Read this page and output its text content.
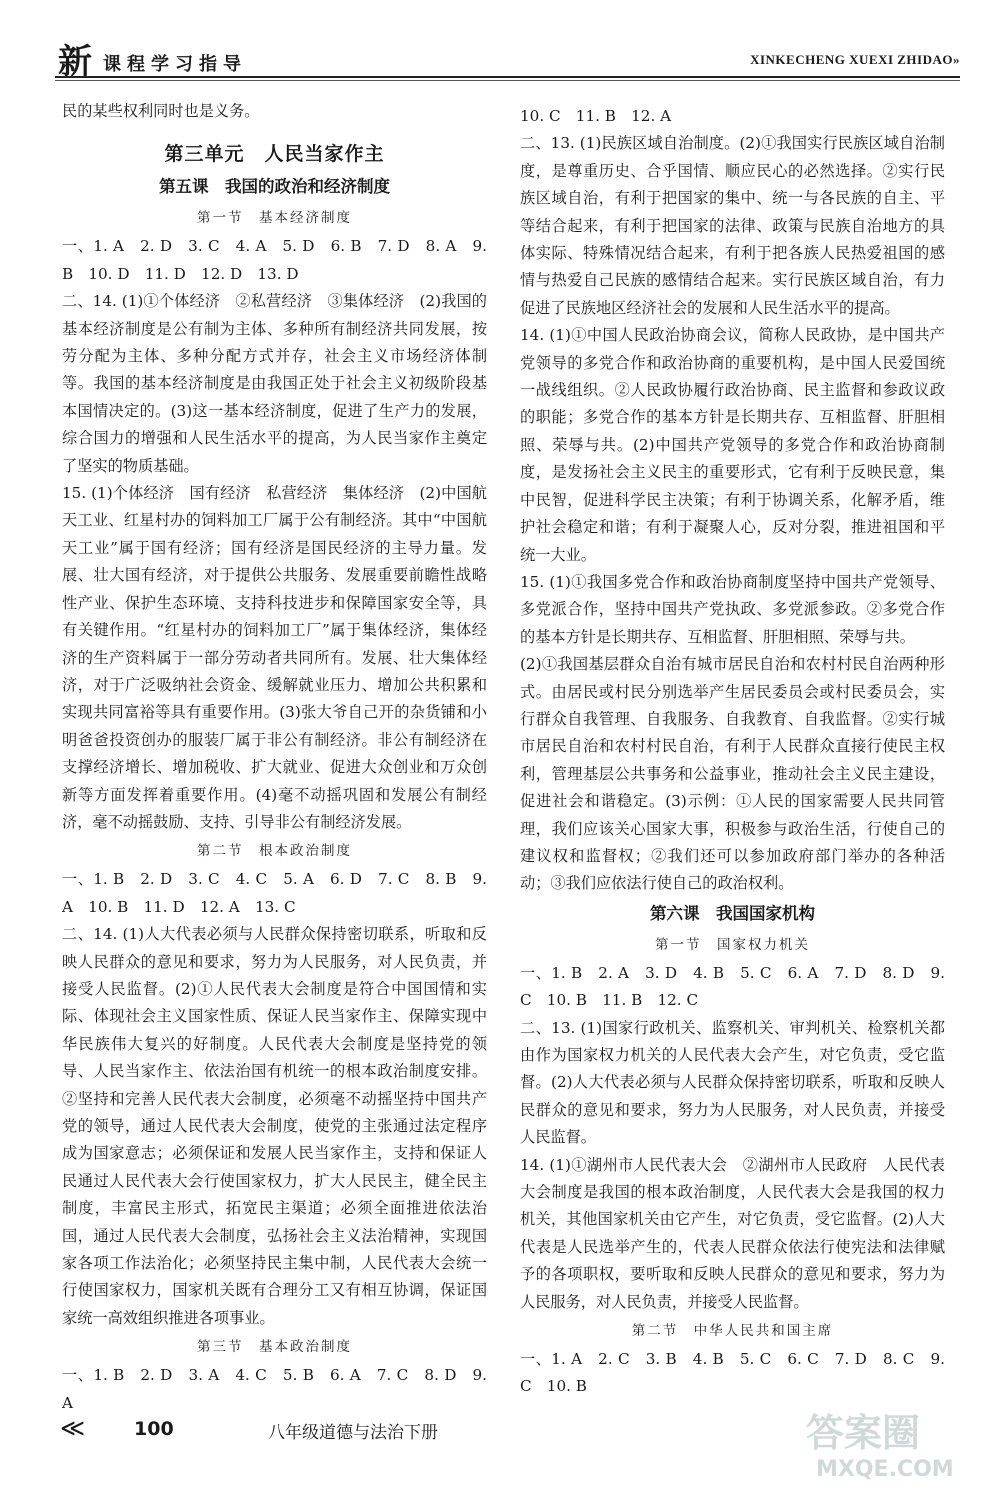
新 课程学习指导	XINKECHENG XUEXI ZHIDAO»

民的某些权利同时也是义务。

第三单元　人民当家作主
第五课　我国的政治和经济制度
第一节　基本经济制度

一、1. A　2. D　3. C　4. A　5. D　6. B　7. D　8. A　9. B　10. D　11. D　12. D　13. D

二、14. (1)①个体经济　②私营经济　③集体经济　(2)我国的基本经济制度是公有制为主体、多种所有制经济共同发展，按劳分配为主体、多种分配方式并存，社会主义市场经济体制等。我国的基本经济制度是由我国正处于社会主义初级阶段基本国情决定的。(3)这一基本经济制度，促进了生产力的发展，综合国力的增强和人民生活水平的提高，为人民当家作主奠定了坚实的物质基础。

15. (1)个体经济　国有经济　私营经济　集体经济　(2)中国航天工业、红星村办的饲料加工厂属于公有制经济。其中“中国航天工业”属于国有经济；国有经济是国民经济的主导力量。发展、壮大国有经济，对于提供公共服务、发展重要前瞻性战略性产业、保护生态环境、支持科技进步和保障国家安全等，具有关键作用。“红星村办的饲料加工厂”属于集体经济，集体经济的生产资料属于一部分劳动者共同所有。发展、壮大集体经济，对于广泛吸纳社会资金、缓解就业压力、增加公共积累和实现共同富裕等具有重要作用。(3)张大爷自己开的杂货铺和小明爸爸投资创办的服装厂属于非公有制经济。非公有制经济在支撑经济增长、增加税收、扩大就业、促进大众创业和万众创新等方面发挥着重要作用。(4)毫不动摇巩固和发展公有制经济，毫不动摇鼓励、支持、引导非公有制经济发展。

第二节　根本政治制度

一、1. B　2. D　3. C　4. C　5. A　6. D　7. C　8. B　9. A　10. B　11. D　12. A　13. C

二、14. (1)人大代表必须与人民群众保持密切联系，听取和反映人民群众的意见和要求，努力为人民服务，对人民负责，并接受人民监督。(2)①人民代表大会制度是符合中国国情和实际、体现社会主义国家性质、保证人民当家作主、保障实现中华民族伟大复兴的好制度。人民代表大会制度是坚持党的领导、人民当家作主、依法治国有机统一的根本政治制度安排。②坚持和完善人民代表大会制度，必须毫不动摇坚持中国共产党的领导，通过人民代表大会制度，使党的主张通过法定程序成为国家意志；必须保证和发展人民当家作主，支持和保证人民通过人民代表大会行使国家权力，扩大人民民主，健全民主制度，丰富民主形式，拓宽民主渠道；必须全面推进依法治国，通过人民代表大会制度，弘扬社会主义法治精神，实现国家各项工作法治化；必须坚持民主集中制，人民代表大会统一行使国家权力，国家机关既有合理分工又有相互协调，保证国家统一高效组织推进各项事业。

第三节　基本政治制度

一、1. B　2. D　3. A　4. C　5. B　6. A　7. C　8. D　9. A

10. C　11. B　12. A

二、13. (1)民族区域自治制度。(2)①我国实行民族区域自治制度，是尊重历史、合乎国情、顺应民心的必然选择。②实行民族区域自治，有利于把国家的集中、统一与各民族的自主、平等结合起来，有利于把国家的法律、政策与民族自治地方的具体实际、特殊情况结合起来，有利于把各族人民热爱祖国的感情与热爱自己民族的感情结合起来。实行民族区域自治，有力促进了民族地区经济社会的发展和人民生活水平的提高。

14. (1)①中国人民政治协商会议，简称人民政协，是中国共产党领导的多党合作和政治协商的重要机构，是中国人民爱国统一战线组织。②人民政协履行政治协商、民主监督和参政议政的职能；多党合作的基本方针是长期共存、互相监督、肝胆相照、荣辱与共。(2)中国共产党领导的多党合作和政治协商制度，是发扬社会主义民主的重要形式，它有利于反映民意，集中民智，促进科学民主决策；有利于协调关系，化解矛盾，维护社会稳定和谐；有利于凝聚人心，反对分裂，推进祖国和平统一大业。

15. (1)①我国多党合作和政治协商制度坚持中国共产党领导、多党派合作，坚持中国共产党执政、多党派参政。②多党合作的基本方针是长期共存、互相监督、肝胆相照、荣辱与共。

(2)①我国基层群众自治有城市居民自治和农村村民自治两种形式。由居民或村民分别选举产生居民委员会或村民委员会，实行群众自我管理、自我服务、自我教育、自我监督。②实行城市居民自治和农村村民自治，有利于人民群众直接行使民主权利，管理基层公共事务和公益事业，推动社会主义民主建设，促进社会和谐稳定。(3)示例：①人民的国家需要人民共同管理，我们应该关心国家大事，积极参与政治生活，行使自己的建议权和监督权；②我们还可以参加政府部门举办的各种活动；③我们应依法行使自己的政治权利。

第六课　我国国家机构
第一节　国家权力机关

一、1. B　2. A　3. D　4. B　5. C　6. A　7. D　8. D　9. C　10. B　11. B　12. C

二、13. (1)国家行政机关、监察机关、审判机关、检察机关都由作为国家权力机关的人民代表大会产生，对它负责，受它监督。(2)人大代表必须与人民群众保持密切联系，听取和反映人民群众的意见和要求，努力为人民服务，对人民负责，并接受人民监督。

14. (1)①湖州市人民代表大会　②湖州市人民政府　人民代表大会制度是我国的根本政治制度，人民代表大会是我国的权力机关，其他国家机关由它产生，对它负责，受它监督。(2)人大代表是人民选举产生的，代表人民群众依法行使宪法和法律赋予的各项职权，要听取和反映人民群众的意见和要求，努力为人民服务，对人民负责，并接受人民监督。

第二节　中华人民共和国主席

一、1. A　2. C　3. B　4. B　5. C　6. C　7. D　8. C　9. C　10. B

≪	100	八年级道德与法治下册	答案圈
MXQE.COM
